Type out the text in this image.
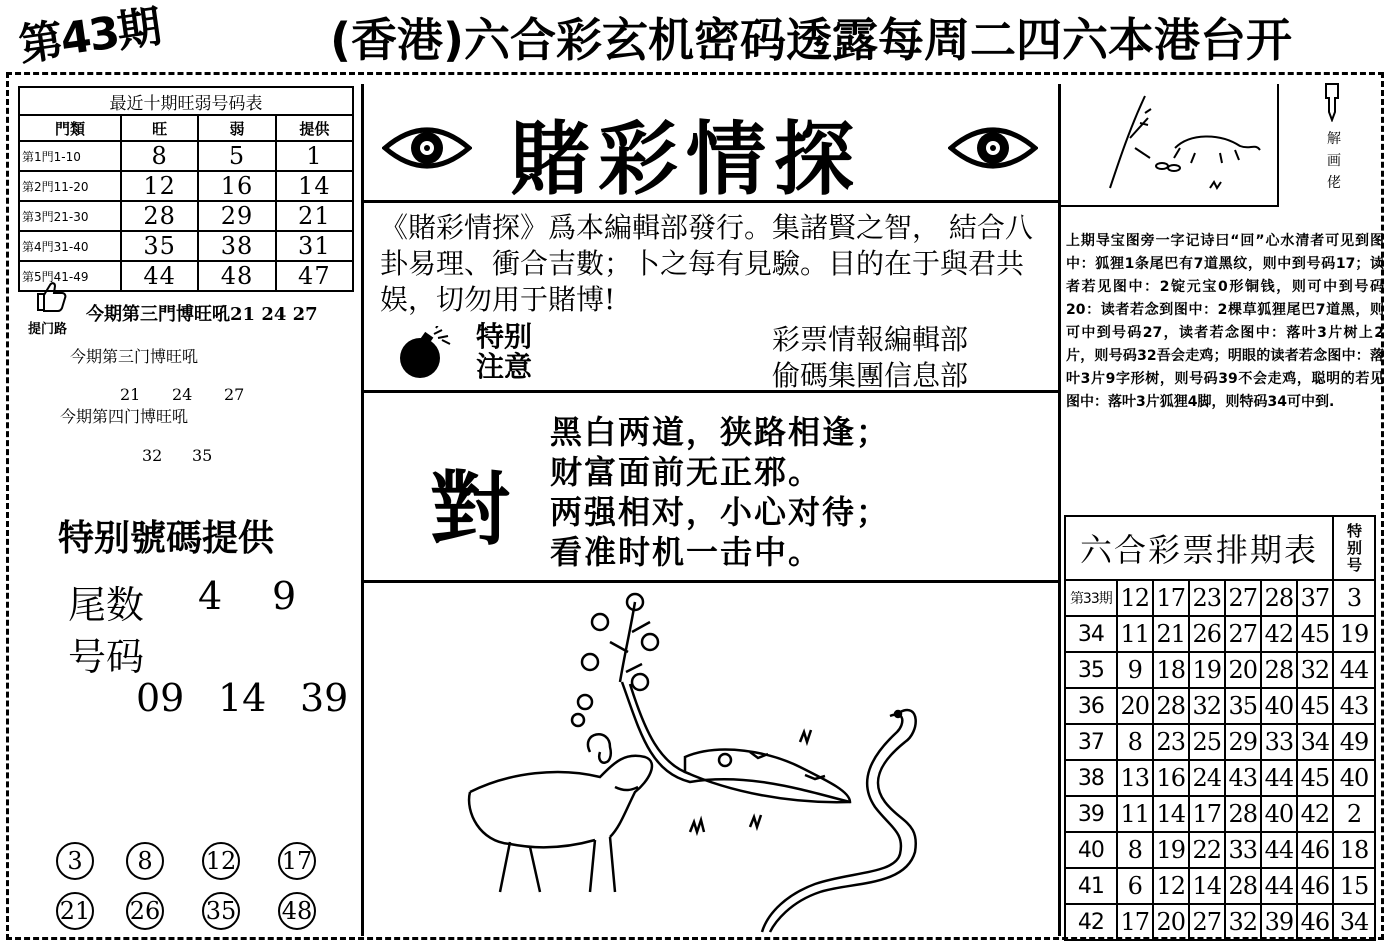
第43期	(香港)六合彩玄机密码透露每周二四六本港台开
最近十期旺弱号码表			
門類	旺	弱	提供
第1門1-10	8	5	1
第2門11-20	12	16	14
第3門21-30	28	29	21
第4門31-40	35	38	31
第5門41-49	44	48	47
提门路
今期第三門博旺吼21 24 27
今期第三门博旺吼
21 24 27
今期第四门博旺吼
32 35
特别號碼提供
尾数 4 9
号码
09 14 39
3	8	12 17
21 26 35 48
賭彩情探
《賭彩情探》爲本編輯部發行。集諸賢之智， 結合八卦易理、衝合吉數；卜之每有見驗。目的在于與君共娱，切勿用于賭博!
特别
注意
彩票情報編輯部
偷碼集團信息部
對
黑白两道，狭路相逢；
财富面前无正邪。
两强相对，小心对待；
看准时机一击中。
解
画
佬
上期导宝图旁一字记诗曰“回”心水清者可见到图中：狐狸1条尾巴有7道黑纹，则中到号码17；读者若见图中：2锭元宝0形铜钱，则可中到号码20：读者若念到图中：2棵草狐狸尾巴7道黑，则可中到号码27，读者若念图中：落叶3片树上2片，则号码32吾会走鸡；明眼的读者若念图中：落叶3片9字形树，则号码39不会走鸡，聪明的若见图中：落叶3片狐狸4脚，则特码34可中到.
六合彩票排期表							特
别
号

第33期	12	17	23	27	28	37	3
34	11	21	26	27	42	45	19
35	9	18	19	20	28	32	44
36	20	28	32	35	40	45	43
37	8	23	25	29	33	34	49
38	13	16	24	43	44	45	40
39	11	14	17	28	40	42	2
40	8	19	22	33	44	46	18
41	6	12	14	28	44	46	15
42	17	20	27	32	39	46	34
